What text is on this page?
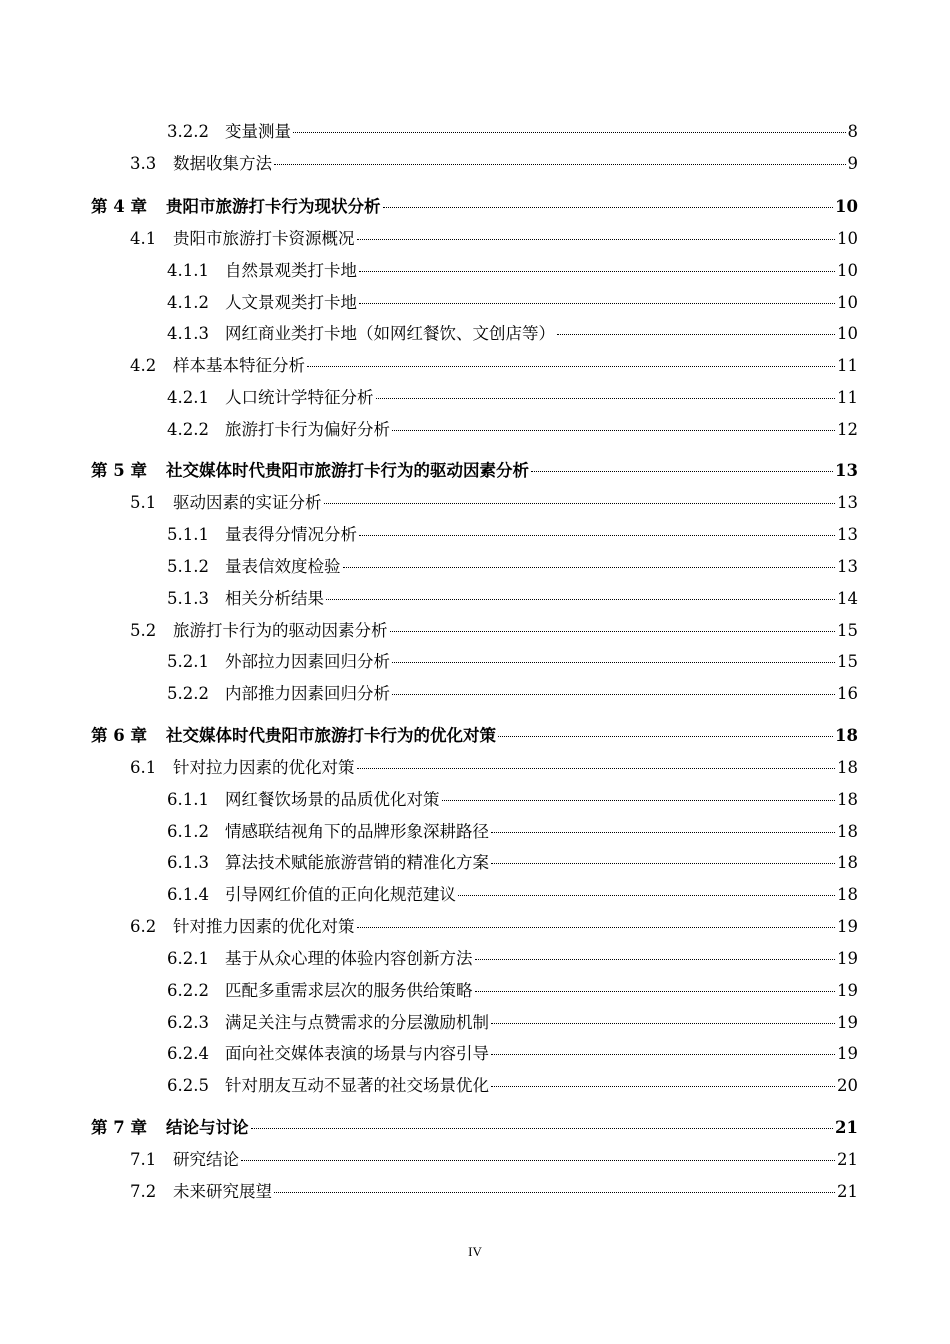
3.2.2 变量测量	8
3.3	数据收集方法	9
第 4 章	贵阳市旅游打卡行为现状分析	10
4.1	贵阳市旅游打卡资源概况	10
4.1.1 自然景观类打卡地	10
4.1.2 人文景观类打卡地	10
4.1.3 网红商业类打卡地（如网红餐饮、文创店等）	10
4.2	样本基本特征分析	11
4.2.1 人口统计学特征分析	11
4.2.2 旅游打卡行为偏好分析	12
第 5 章	社交媒体时代贵阳市旅游打卡行为的驱动因素分析	13
5.1	驱动因素的实证分析	13
5.1.1 量表得分情况分析	13
5.1.2 量表信效度检验	13
5.1.3 相关分析结果	14
5.2	旅游打卡行为的驱动因素分析	15
5.2.1 外部拉力因素回归分析	15
5.2.2 内部推力因素回归分析	16
第 6 章	社交媒体时代贵阳市旅游打卡行为的优化对策	18
6.1	针对拉力因素的优化对策	18
6.1.1 网红餐饮场景的品质优化对策	18
6.1.2 情感联结视角下的品牌形象深耕路径	18
6.1.3 算法技术赋能旅游营销的精准化方案	18
6.1.4 引导网红价值的正向化规范建议	18
6.2	针对推力因素的优化对策	19
6.2.1 基于从众心理的体验内容创新方法	19
6.2.2 匹配多重需求层次的服务供给策略	19
6.2.3 满足关注与点赞需求的分层激励机制	19
6.2.4 面向社交媒体表演的场景与内容引导	19
6.2.5 针对朋友互动不显著的社交场景优化	20
第 7 章	结论与讨论	21
7.1	研究结论	21
7.2	未来研究展望	21
IV
